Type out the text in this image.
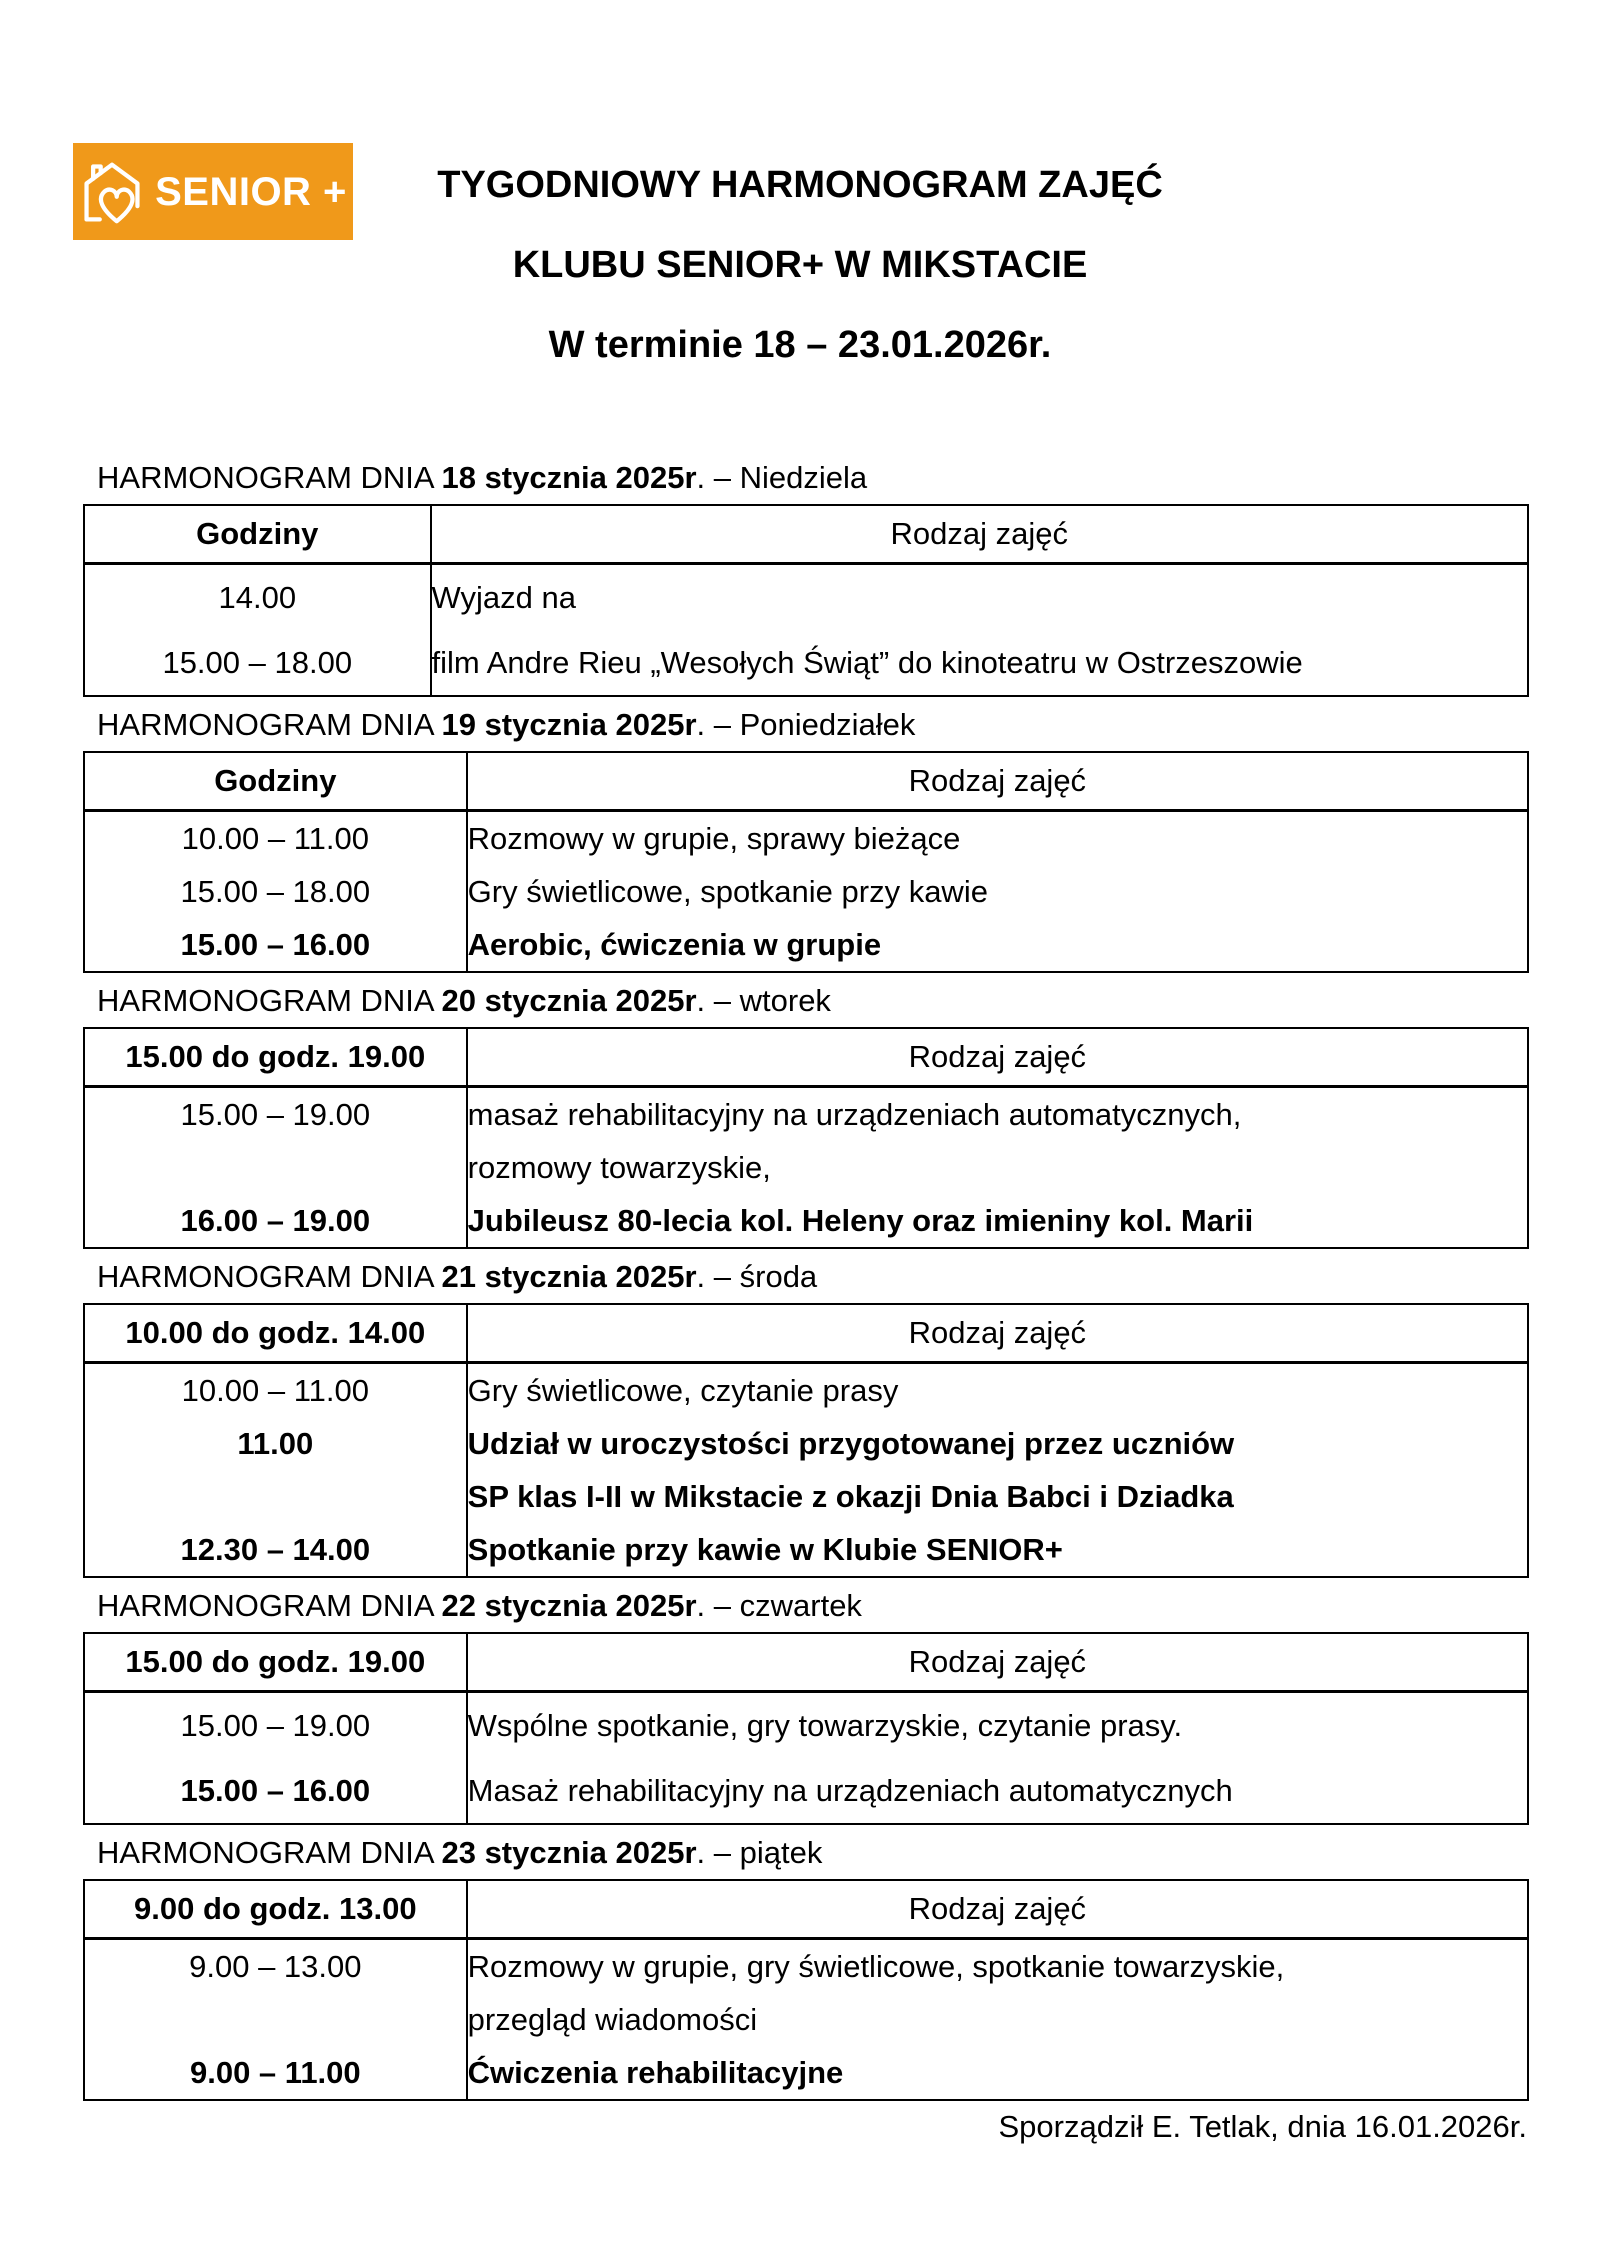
SENIOR +	TYGODNIOWY HARMONOGRAM ZAJĘĆ
KLUBU SENIOR+ W MIKSTACIE
W terminie 18 – 23.01.2026r.
HARMONOGRAM DNIA 18 stycznia 2025r. – Niedziela
Godziny	Rodzaj zajęć
14.00	Wyjazd na
15.00 – 18.00	film Andre Rieu „Wesołych Świąt” do kinoteatru w Ostrzeszowie
HARMONOGRAM DNIA 19 stycznia 2025r. – Poniedziałek
Godziny	Rodzaj zajęć
10.00 – 11.00	Rozmowy w grupie, sprawy bieżące
15.00 – 18.00	Gry świetlicowe, spotkanie przy kawie
15.00 – 16.00	Aerobic, ćwiczenia w grupie
HARMONOGRAM DNIA 20 stycznia 2025r. – wtorek
15.00 do godz. 19.00	Rodzaj zajęć
15.00 – 19.00	masaż rehabilitacyjny na urządzeniach automatycznych,
	rozmowy towarzyskie,
16.00 – 19.00	Jubileusz 80-lecia kol. Heleny oraz imieniny kol. Marii
HARMONOGRAM DNIA 21 stycznia 2025r. – środa
10.00 do godz. 14.00	Rodzaj zajęć
10.00 – 11.00	Gry świetlicowe, czytanie prasy
11.00	Udział w uroczystości przygotowanej przez uczniów
	SP klas I-II w Mikstacie z okazji Dnia Babci i Dziadka
12.30 – 14.00	Spotkanie przy kawie w Klubie SENIOR+
HARMONOGRAM DNIA 22 stycznia 2025r. – czwartek
15.00 do godz. 19.00	Rodzaj zajęć
15.00 – 19.00	Wspólne spotkanie, gry towarzyskie, czytanie prasy.
15.00 – 16.00	Masaż rehabilitacyjny na urządzeniach automatycznych
HARMONOGRAM DNIA 23 stycznia 2025r. – piątek
9.00 do godz. 13.00	Rodzaj zajęć
9.00 – 13.00	Rozmowy w grupie, gry świetlicowe, spotkanie towarzyskie,
	przegląd wiadomości
9.00 – 11.00	Ćwiczenia rehabilitacyjne
Sporządził E. Tetlak, dnia 16.01.2026r.
